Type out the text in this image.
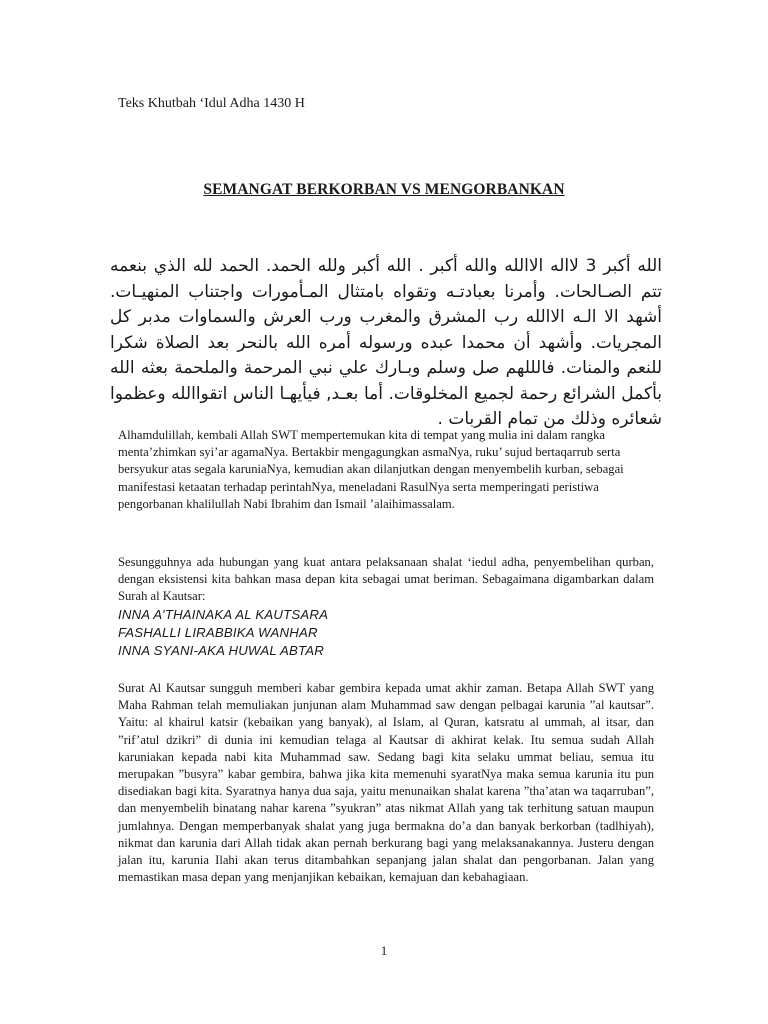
Teks Khutbah ‘Idul Adha 1430 H
SEMANGAT BERKORBAN VS MENGORBANKAN

الله أكبر 3 لااله الاالله والله أكبر . الله أكبر ولله الحمد. الحمد لله الذي بنعمه تتم الصـالحات. وأمرنا بعبادتـه وتقواه بامتثال المـأمورات واجتناب المنهيـات. أشهد الا الـه الاالله رب المشرق والمغرب ورب العرش والسماوات مدبر كل المجريات. وأشهد أن محمدا عبده ورسوله أمره الله بالنحر بعد الصلاة شكرا للنعم والمنات. فالللهم صل وسلم وبـارك علي نبي المرحمة والملحمة بعثه الله بأكمل الشرائع رحمة لجميع المخلوقات. أما بعـد, فيأيهـا الناس اتقواالله وعظموا شعائره وذلك من تمام القربات .

Alhamdulillah, kembali Allah SWT mempertemukan kita di tempat yang mulia ini dalam rangka menta’zhimkan syi’ar agamaNya. Bertakbir mengagungkan asmaNya, ruku’ sujud bertaqarrub serta bersyukur atas segala karuniaNya, kemudian akan dilanjutkan dengan menyembelih kurban, sebagai manifestasi ketaatan terhadap perintahNya, meneladani RasulNya serta memperingati peristiwa pengorbanan khalilullah Nabi Ibrahim dan Ismail ’alaihimassalam.

Sesungguhnya ada hubungan yang kuat antara pelaksanaan shalat ‘iedul adha, penyembelihan qurban, dengan eksistensi kita bahkan masa depan kita sebagai umat beriman. Sebagaimana digambarkan dalam Surah al Kautsar:

INNA A’THAINAKA AL KAUTSARA
FASHALLI LIRABBIKA WANHAR
INNA SYANI-AKA HUWAL ABTAR

Surat Al Kautsar sungguh memberi kabar gembira kepada umat akhir zaman. Betapa Allah SWT yang Maha Rahman telah memuliakan junjunan alam Muhammad saw dengan pelbagai karunia ”al kautsar”. Yaitu: al khairul katsir (kebaikan yang banyak), al Islam, al Quran, katsratu al ummah, al itsar, dan ”rif’atul dzikri” di dunia ini kemudian telaga al Kautsar di akhirat kelak. Itu semua sudah Allah karuniakan kepada nabi kita Muhammad saw. Sedang bagi kita selaku ummat beliau, semua itu merupakan ”busyra” kabar gembira, bahwa jika kita memenuhi syaratNya maka semua karunia itu pun disediakan bagi kita. Syaratnya hanya dua saja, yaitu menunaikan shalat karena ”tha’atan wa taqarruban”, dan menyembelih binatang nahar karena ”syukran” atas nikmat Allah yang tak terhitung satuan maupun jumlahnya. Dengan memperbanyak shalat yang juga bermakna do’a dan banyak berkorban (tadlhiyah), nikmat dan karunia dari Allah tidak akan pernah berkurang bagi yang melaksanakannya. Justeru dengan jalan itu, karunia Ilahi akan terus ditambahkan sepanjang jalan shalat dan pengorbanan. Jalan yang memastikan masa depan yang menjanjikan kebaikan, kemajuan dan kebahagiaan.

1
